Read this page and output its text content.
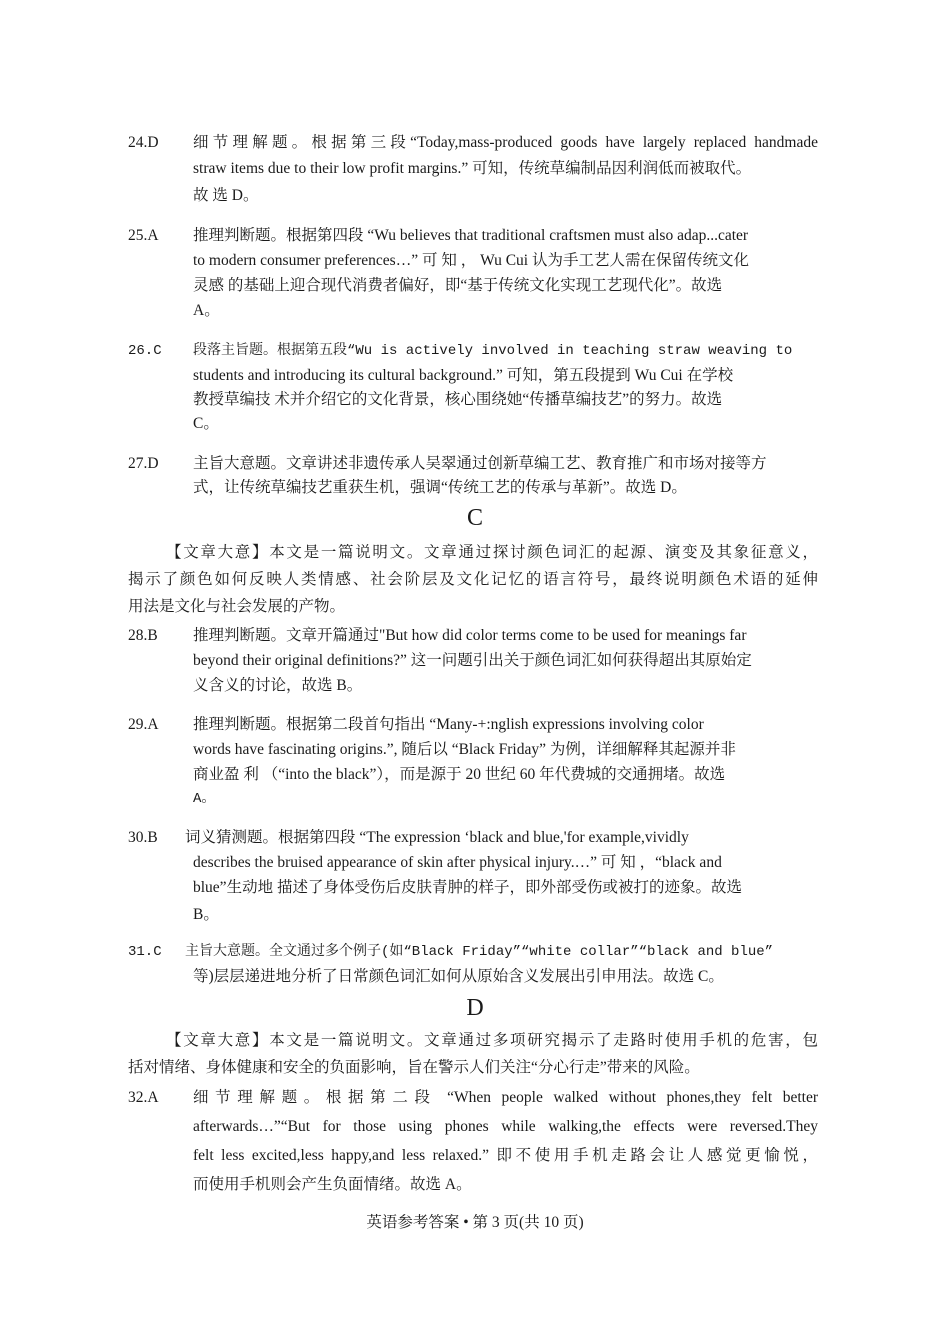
24.D 细节理解题。根据第三段“Today,mass-produced goods have largely replaced handmade
straw items due to their low profit margins.” 可知，传统草编制品因利润低而被取代。
故 选 D。
25.A 推理判断题。根据第四段 “Wu believes that traditional craftsmen must also adap...cater
to modern consumer preferences…” 可 知 ， Wu Cui 认为手工艺人需在保留传统文化
灵感 的基础上迎合现代消费者偏好，即“基于传统文化实现工艺现代化”。故选
A。
26.C 段落主旨题。根据第五段“Wu is actively involved in teaching straw weaving to
students and introducing its cultural background.” 可知，第五段提到 Wu Cui 在学校
教授草编技 术并介绍它的文化背景，核心围绕她“传播草编技艺”的努力。故选
C。
27.D 主旨大意题。文章讲述非遗传承人吴翠通过创新草编工艺、教育推广和市场对接等方
式，让传统草编技艺重获生机，强调“传统工艺的传承与革新”。故选 D。
C
【文章大意】本文是一篇说明文。文章通过探讨颜色词汇的起源、演变及其象征意义，
揭示了颜色如何反映人类情感、社会阶层及文化记忆的语言符号，最终说明颜色术语的延伸
用法是文化与社会发展的产物。
28.B 推理判断题。文章开篇通过"But how did color terms come to be used for meanings far
beyond their original definitions?” 这一问题引出关于颜色词汇如何获得超出其原始定
义含义的讨论，故选 B。
29.A 推理判断题。根据第二段首句指出 “Many-+:nglish expressions involving color
words have fascinating origins.”, 随后以 “Black Friday” 为例，详细解释其起源并非
商业盈 利 （“into the black”），而是源于 20 世纪 60 年代费城的交通拥堵。故选
A。
30.B 词义猜测题。根据第四段 “The expression ‘black and blue,'for example,vividly
describes the bruised appearance of skin after physical injury.…” 可 知 ，“black and
blue”生动地 描述了身体受伤后皮肤青肿的样子，即外部受伤或被打的迹象。故选
B。
31.C 主旨大意题。全文通过多个例子(如“Black Friday”“white collar”“black and blue”
等)层层递进地分析了日常颜色词汇如何从原始含义发展出引申用法。故选 C。
D
【文章大意】本文是一篇说明文。文章通过多项研究揭示了走路时使用手机的危害，包
括对情绪、身体健康和安全的负面影响，旨在警示人们关注“分心行走”带来的风险。
32.A 细节理解题。根据第二段 “When people walked without phones,they felt better
afterwards…”“But for those using phones while walking,the effects were reversed.They
felt less excited,less happy,and less relaxed.” 即不使用手机走路会让人感觉更愉悦，
而使用手机则会产生负面情绪。故选 A。
英语参考答案 • 第 3 页(共 10 页)
